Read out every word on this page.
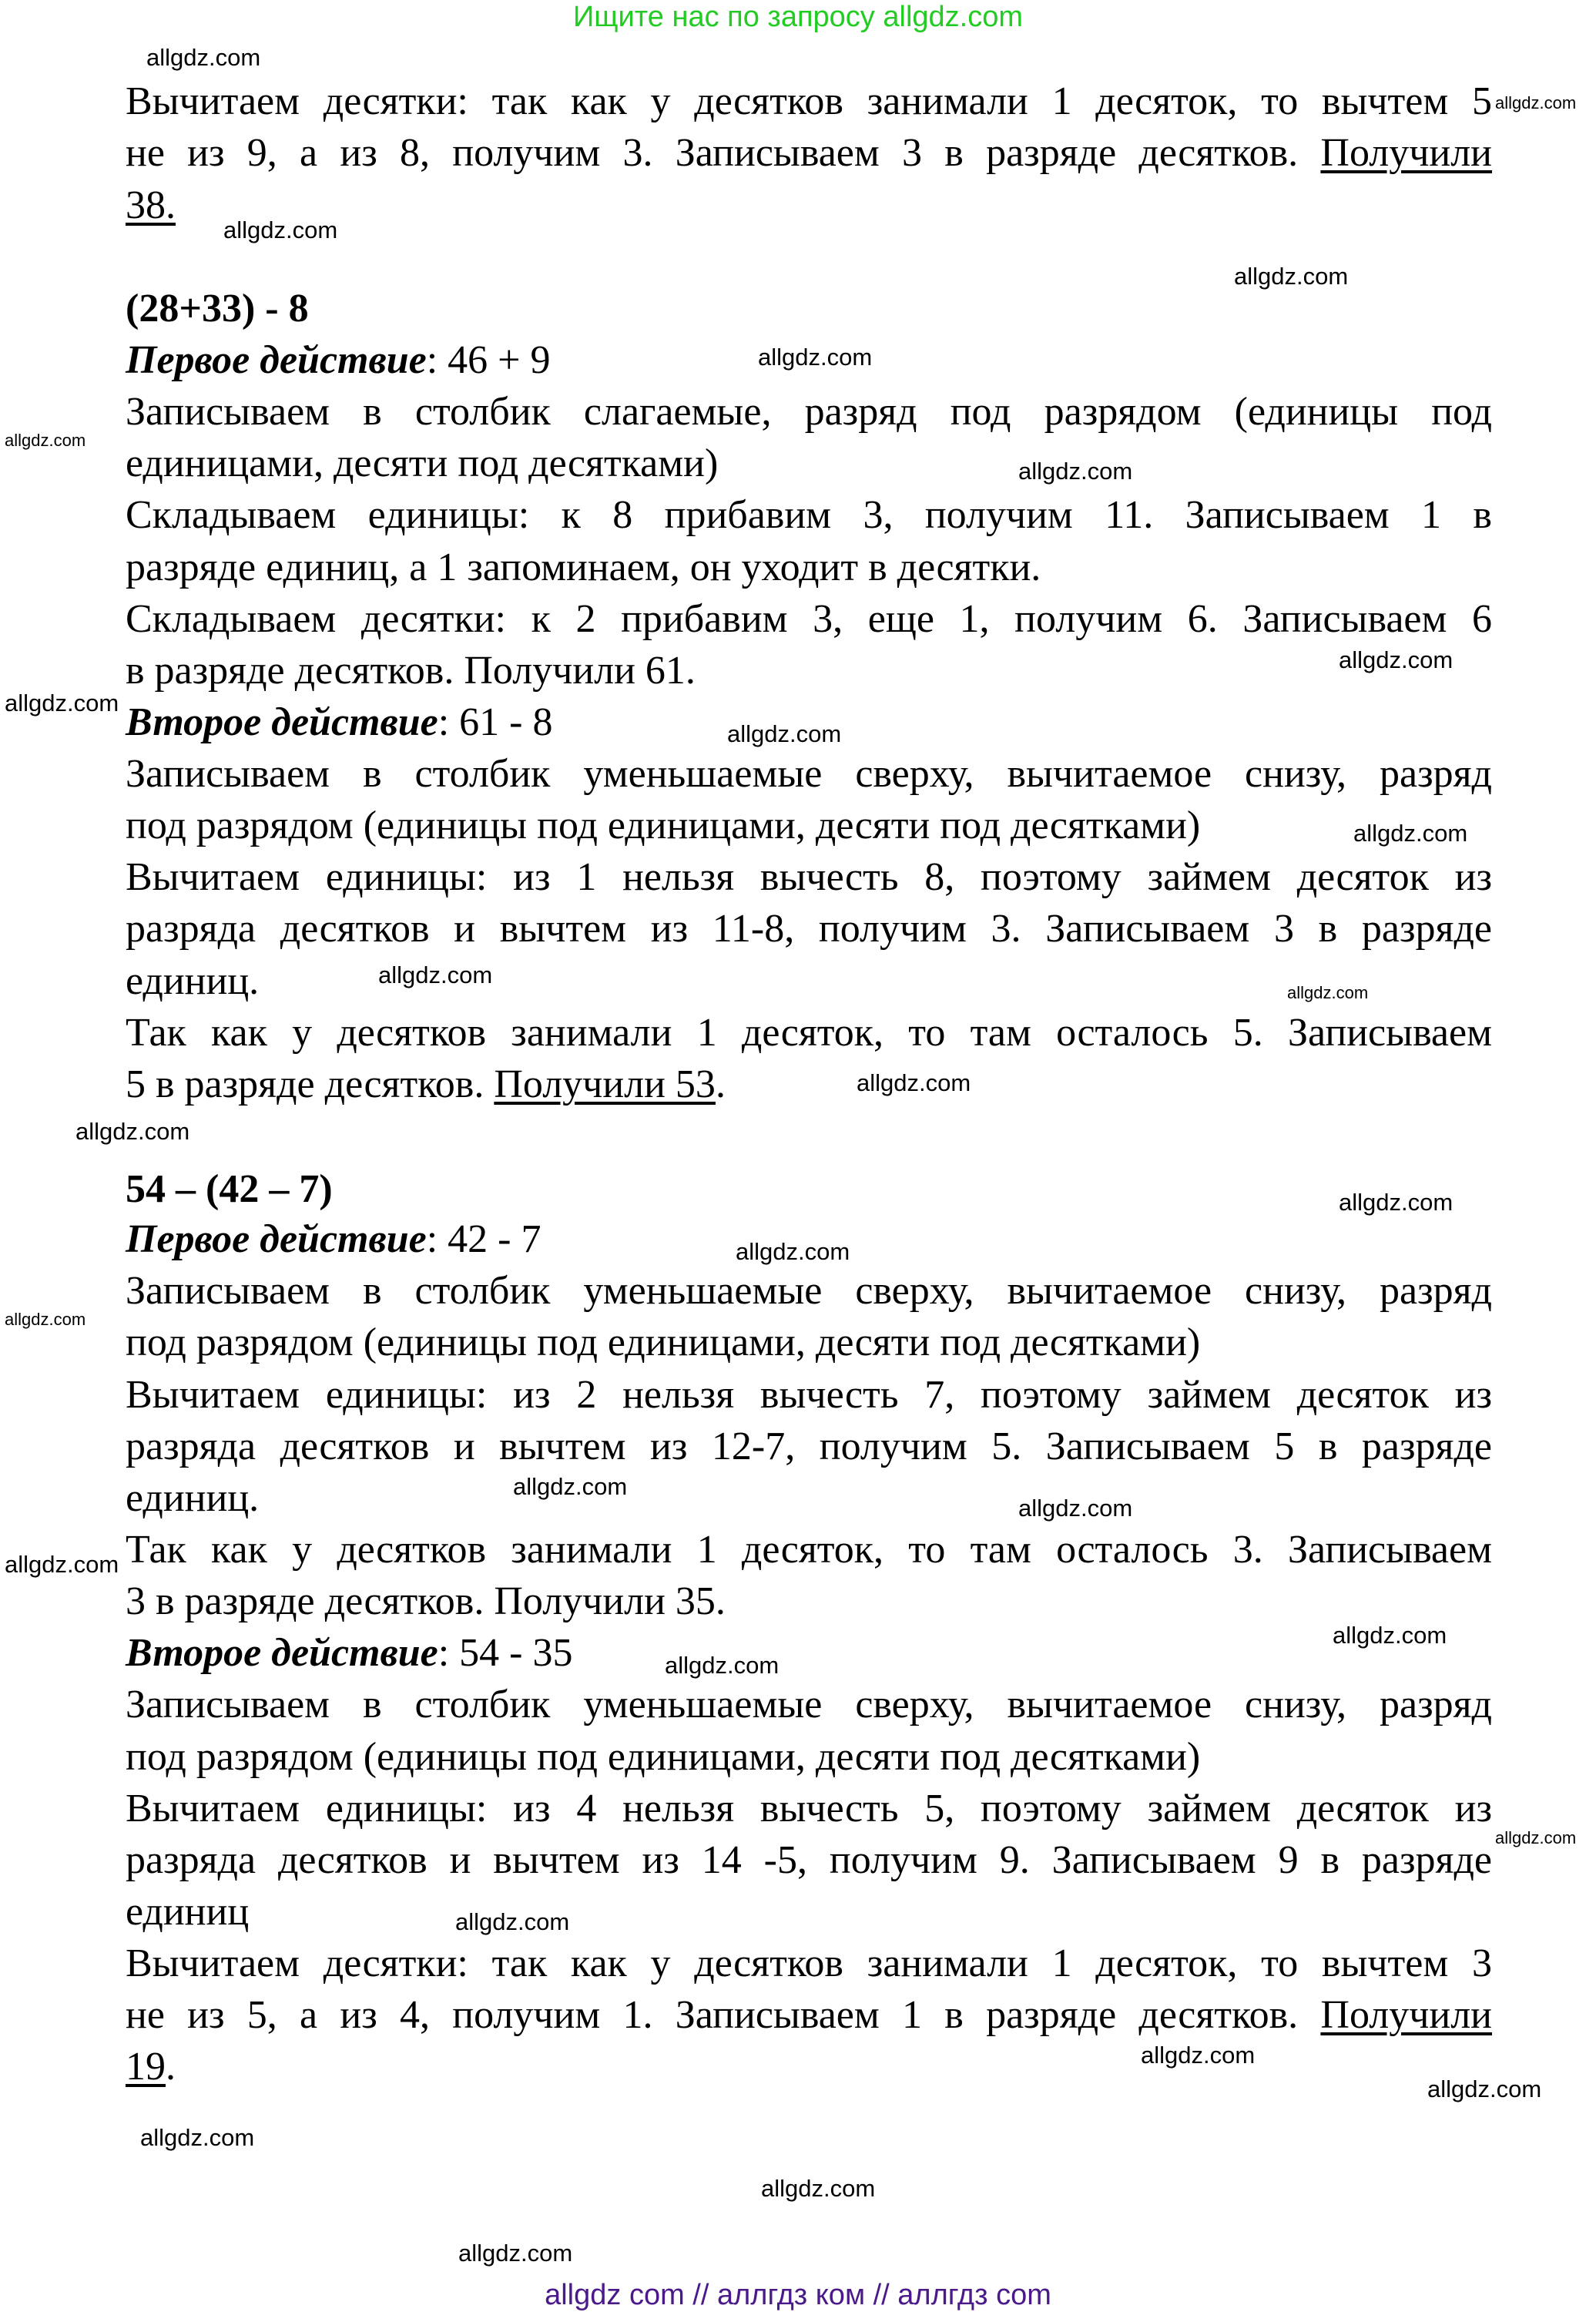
Ищите нас по запросу allgdz.com
Вычитаем десятки: так как у десятков занимали 1 десяток, то вычтем 5
не из 9, а из 8, получим 3. Записываем 3 в разряде десятков. Получили
38.
(28+33) - 8
Первое действие: 46 + 9
Записываем в столбик слагаемые, разряд под разрядом (единицы под
единицами, десяти под десятками)
Складываем единицы: к 8 прибавим 3, получим 11. Записываем 1 в
разряде единиц, а 1 запоминаем, он уходит в десятки.
Складываем десятки: к 2 прибавим 3, еще 1, получим 6. Записываем 6
в разряде десятков. Получили 61.
Второе действие: 61 - 8
Записываем в столбик уменьшаемые сверху, вычитаемое снизу, разряд
под разрядом (единицы под единицами, десяти под десятками)
Вычитаем единицы: из 1 нельзя вычесть 8, поэтому займем десяток из
разряда десятков и вычтем из 11-8, получим 3. Записываем 3 в разряде
единиц.
Так как у десятков занимали 1 десяток, то там осталось 5. Записываем
5 в разряде десятков. Получили 53.
54 – (42 – 7)
Первое действие: 42 - 7
Записываем в столбик уменьшаемые сверху, вычитаемое снизу, разряд
под разрядом (единицы под единицами, десяти под десятками)
Вычитаем единицы: из 2 нельзя вычесть 7, поэтому займем десяток из
разряда десятков и вычтем из 12-7, получим 5. Записываем 5 в разряде
единиц.
Так как у десятков занимали 1 десяток, то там осталось 3. Записываем
3 в разряде десятков. Получили 35.
Второе действие: 54 - 35
Записываем в столбик уменьшаемые сверху, вычитаемое снизу, разряд
под разрядом (единицы под единицами, десяти под десятками)
Вычитаем единицы: из 4 нельзя вычесть 5, поэтому займем десяток из
разряда десятков и вычтем из 14 -5, получим 9. Записываем 9 в разряде
единиц
Вычитаем десятки: так как у десятков занимали 1 десяток, то вычтем 3
не из 5, а из 4, получим 1. Записываем 1 в разряде десятков. Получили
19.
allgdz.com
allgdz.com
allgdz.com
allgdz.com
allgdz.com
allgdz.com
allgdz.com
allgdz.com
allgdz.com
allgdz.com
allgdz.com
allgdz.com
allgdz.com
allgdz.com
allgdz.com
allgdz.com
allgdz.com
allgdz.com
allgdz.com
allgdz.com
allgdz.com
allgdz.com
allgdz.com
allgdz.com
allgdz.com
allgdz.com
allgdz.com
allgdz.com
allgdz.com
allgdz.com
allgdz com // аллгдз ком // аллгдз com
